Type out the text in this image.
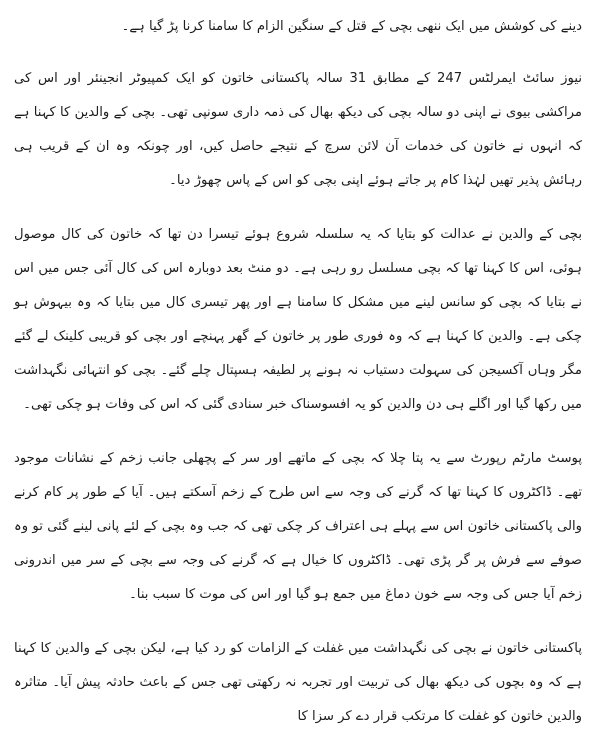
دینے کی کوشش میں ایک ننھی بچی کے قتل کے سنگین الزام کا سامنا کرنا پڑ گیا ہے۔

نیوز سائٹ ایمرلٹس 247 کے مطابق 31 سالہ پاکستانی خاتون کو ایک کمپیوٹر انجینئر اور اس کی مراکشی بیوی نے اپنی دو سالہ بچی کی دیکھ بھال کی ذمہ داری سونپی تھی۔ بچی کے والدین کا کہنا ہے کہ انہوں نے خاتون کی خدمات آن لائن سرچ کے نتیجے حاصل کیں، اور چونکہ وہ ان کے قریب ہی رہائش پذیر تھیں لہٰذا کام پر جاتے ہوئے اپنی بچی کو اس کے پاس چھوڑ دیا۔

بچی کے والدین نے عدالت کو بتایا کہ یہ سلسلہ شروع ہوئے تیسرا دن تھا کہ خاتون کی کال موصول ہوئی، اس کا کہنا تھا کہ بچی مسلسل رو رہی ہے۔ دو منٹ بعد دوبارہ اس کی کال آئی جس میں اس نے بتایا کہ بچی کو سانس لینے میں مشکل کا سامنا ہے اور پھر تیسری کال میں بتایا کہ وہ بیہوش ہو چکی ہے۔ والدین کا کہنا ہے کہ وہ فوری طور پر خاتون کے گھر پہنچے اور بچی کو قریبی کلینک لے گئے مگر وہاں آکسیجن کی سہولت دستیاب نہ ہونے پر لطیفہ ہسپتال چلے گئے۔ بچی کو انتہائی نگہداشت میں رکھا گیا اور اگلے ہی دن والدین کو یہ افسوسناک خبر سنادی گئی کہ اس کی وفات ہو چکی تھی۔

پوسٹ مارٹم رپورٹ سے یہ پتا چلا کہ بچی کے ماتھے اور سر کے پچھلی جانب زخم کے نشانات موجود تھے۔ ڈاکٹروں کا کہنا تھا کہ گرنے کی وجہ سے اس طرح کے زخم آسکتے ہیں۔ آیا کے طور پر کام کرنے والی پاکستانی خاتون اس سے پہلے ہی اعتراف کر چکی تھی کہ جب وہ بچی کے لئے پانی لینے گئی تو وہ صوفے سے فرش پر گر پڑی تھی۔ ڈاکٹروں کا خیال ہے کہ گرنے کی وجہ سے بچی کے سر میں اندرونی زخم آیا جس کی وجہ سے خون دماغ میں جمع ہو گیا اور اس کی موت کا سبب بنا۔

پاکستانی خاتون نے بچی کی نگہداشت میں غفلت کے الزامات کو رد کیا ہے، لیکن بچی کے والدین کا کہنا ہے کہ وہ بچوں کی دیکھ بھال کی تربیت اور تجربہ نہ رکھتی تھی جس کے باعث حادثہ پیش آیا۔ متاثرہ والدین خاتون کو غفلت کا مرتکب قرار دے کر سزا کا
